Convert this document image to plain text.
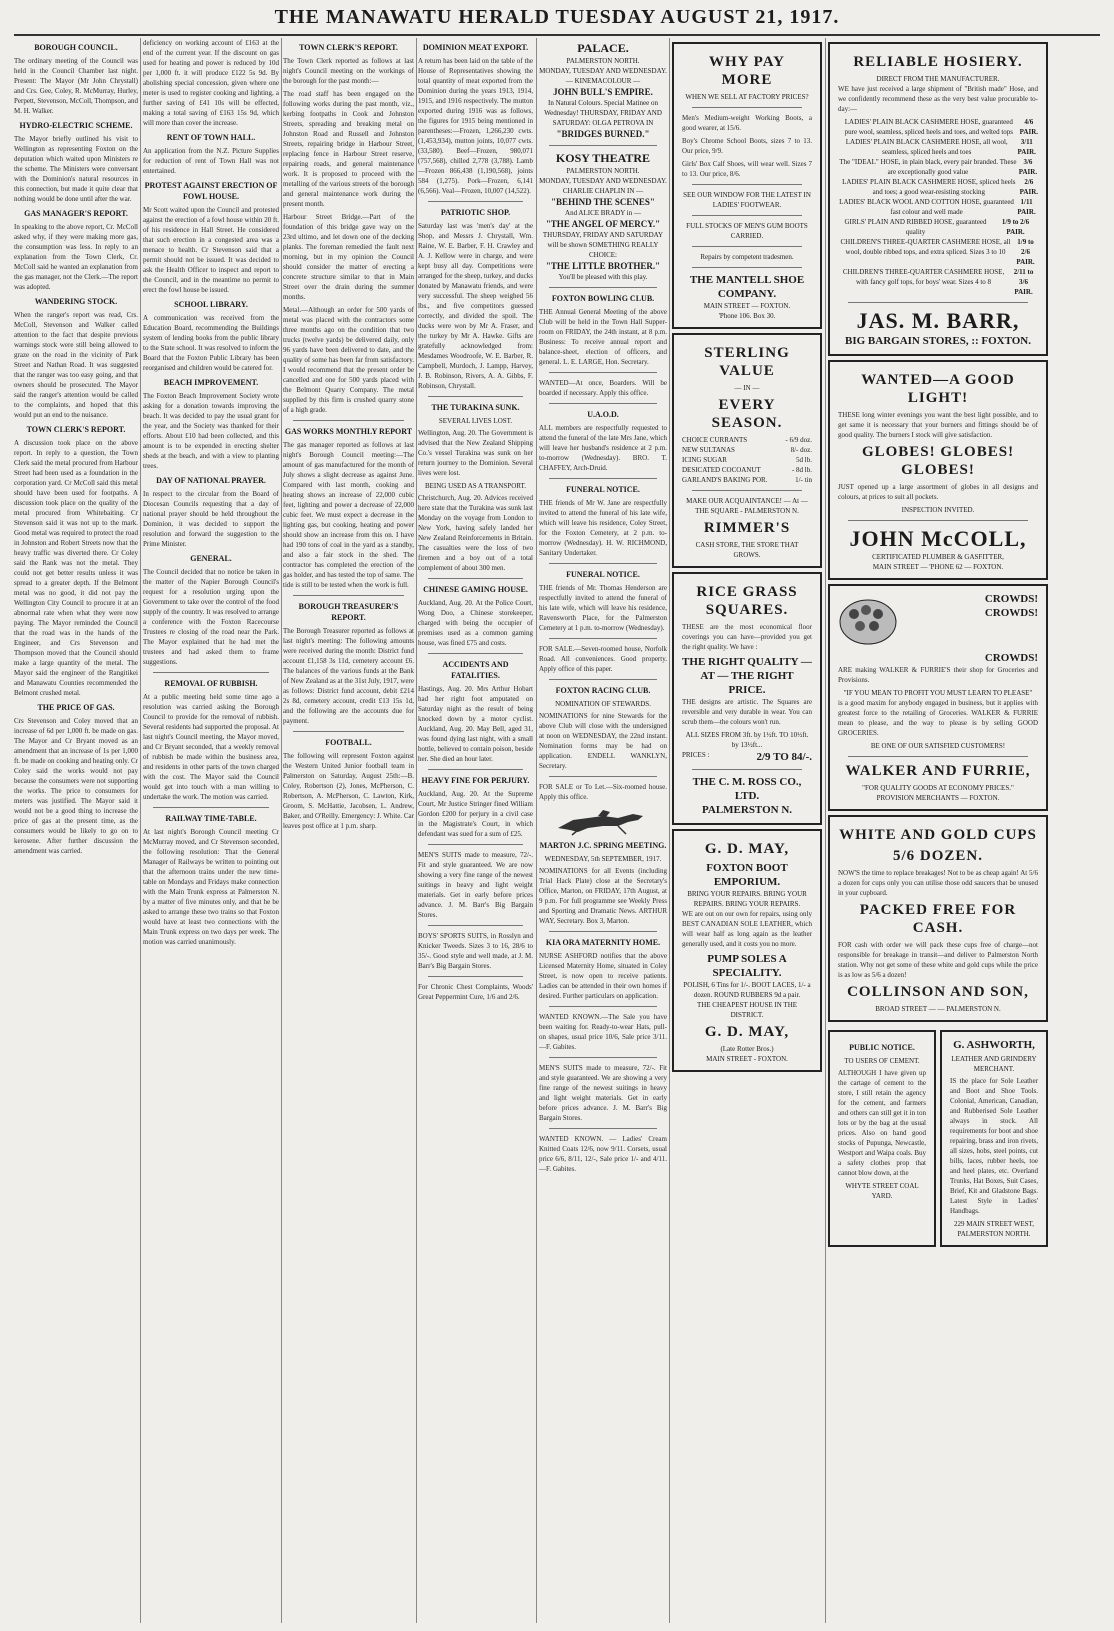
THE MANAWATU HERALD TUESDAY AUGUST 21, 1917.
BOROUGH COUNCIL.

The ordinary meeting of the Council was held in the Council Chamber last night. Present: The Mayor (Mr John Chrystall) and Crs. Gee, Coley, R. McMurray, Hurley, Perpett, Stevenson, McColl, Thompson, and M. H. Walker.

HYDRO-ELECTRIC SCHEME.

The Mayor briefly outlined his visit to Wellington as representing Foxton on the deputation which waited upon Ministers re the scheme. The Ministers were conversant with the Dominion's natural resources in this connection, but made it quite clear that nothing would be done until after the war.

GAS MANAGER'S REPORT.

In speaking to the above report, Cr. McColl asked why, if they were making more gas, the consumption was less. In reply to an explanation from the Town Clerk, Cr. McColl said he wanted an explanation from the gas manager, not the Clerk.—The report was adopted.

WANDERING STOCK.

When the ranger's report was read, Crs. McColl, Stevenson and Walker called attention to the fact that despite previous warnings stock were still being allowed to graze on the road in the vicinity of Park Street and Nathan Road. It was suggested that the ranger was too easy going, and that owners should be prosecuted. The Mayor said the ranger's attention would be called to the complaints, and hoped that this would put an end to the nuisance.

TOWN CLERK'S REPORT.

A discussion took place on the above report. In reply to a question, the Town Clerk said the metal procured from Harbour Street had been used as a foundation in the corporation yard. Cr McColl said this metal should have been used for footpaths. A discussion took place on the quality of the metal procured from Whitebaiting. Cr Stevenson said it was not up to the mark. Good metal was required to protect the road in Johnston and Robert Streets now that the heavy traffic was diverted there. Cr Coley said the Rank was not the metal. They could not get better results unless it was spread to a greater depth. If the Belmont metal was no good, it did not pay the Wellington City Council to procure it at an abnormal rate when what they were now paying. The Mayor reminded the Council that the road was in the hands of the Engineer, and Crs Stevenson and Thompson moved that the Council should make a large quantity of the metal. The Mayor said the engineer of the Rangitikei and Manawatu Counties recommended the Belmont crushed metal.

THE PRICE OF GAS.

Crs Stevenson and Coley moved that an increase of 6d per 1,000 ft. be made on gas. The Mayor and Cr Bryant moved as an amendment that an increase of 1s per 1,000 ft. be made on cooking and heating only. Cr Coley said the works would not pay because the consumers were not supporting the works. The price to consumers for meters was justified. The Mayor said it would not be a good thing to increase the price of gas at the present time, as the consumers would be likely to go on to kerosene. After further discussion the amendment was carried.

deficiency on working account of £163 at the end of the current year. If the discount on gas used for heating and power is reduced by 10d per 1,000 ft. it will produce £122 5s 9d. By abolishing special concession, given where one meter is used to register cooking and lighting, a further saving of £41 10s will be effected, making a total saving of £163 15s 9d, which will more than cover the increase.

RENT OF TOWN HALL.

An application from the N.Z. Picture Supplies for reduction of rent of Town Hall was not entertained.

PROTEST AGAINST ERECTION OF FOWL HOUSE.

Mr Scott waited upon the Council and protested against the erection of a fowl house within 20 ft. of his residence in Hall Street. He considered that such erection in a congested area was a menace to health. Cr Stevenson said that a permit should not be issued. It was decided to ask the Health Officer to inspect and report to the Council, and in the meantime no permit to erect the fowl house be issued.

SCHOOL LIBRARY.

A communication was received from the Education Board, recommending the Buildings system of lending books from the public library to the State school. It was resolved to inform the Board that the Foxton Public Library has been reorganised and children would be catered for.

BEACH IMPROVEMENT.

The Foxton Beach Improvement Society wrote asking for a donation towards improving the beach. It was decided to pay the usual grant for the year, and the Society was thanked for their efforts. About £10 had been collected, and this amount is to be expended in erecting shelter sheds at the beach, and with a view to planting trees.

DAY OF NATIONAL PRAYER.

In respect to the circular from the Board of Diocesan Councils requesting that a day of national prayer should be held throughout the Dominion, it was decided to support the resolution and forward the suggestion to the Prime Minister.

GENERAL.

The Council decided that no notice be taken in the matter of the Napier Borough Council's request for a resolution urging upon the Government to take over the control of the food supply of the country. It was resolved to arrange a conference with the Foxton Racecourse Trustees re closing of the road near the Park. The Mayor explained that he had met the trustees and had asked them to frame suggestions.

REMOVAL OF RUBBISH.

At a public meeting held some time ago a resolution was carried asking the Borough Council to provide for the removal of rubbish. Several residents had supported the proposal. At last night's Council meeting, the Mayor moved, and Cr Bryant seconded, that a weekly removal of rubbish be made within the business area, and residents in other parts of the town charged with the cost. The Mayor said the Council would get into touch with a man willing to undertake the work. The motion was carried.

RAILWAY TIME-TABLE.

At last night's Borough Council meeting Cr McMurray moved, and Cr Stevenson seconded, the following resolution: That the General Manager of Railways be written to pointing out that the afternoon trains under the new time-table on Mondays and Fridays make connection with the Main Trunk express at Palmerston N. by a matter of five minutes only, and that he be asked to arrange these two trains so that Foxton would have at least two connections with the Main Trunk express on two days per week. The motion was carried unanimously.

TOWN CLERK'S REPORT.

The Town Clerk reported as follows at last night's Council meeting on the workings of the borough for the past month:—

The road staff has been engaged on the following works during the past month, viz., kerbing footpaths in Cook and Johnston Streets, spreading and breaking metal on Johnston Road and Russell and Johnston Streets, repairing bridge in Harbour Street, replacing fence in Harbour Street reserve, repairing roads, and general maintenance work. It is proposed to proceed with the metalling of the various streets of the borough and general maintenance work during the present month.

Harbour Street Bridge.—Part of the foundation of this bridge gave way on the 23rd ultimo, and let down one of the decking planks. The foreman remedied the fault next morning, but in my opinion the Council should consider the matter of erecting a concrete structure similar to that in Main Street over the drain during the summer months.

Metal.—Although an order for 500 yards of metal was placed with the contractors some three months ago on the condition that two trucks (twelve yards) be delivered daily, only 96 yards have been delivered to date, and the quality of some has been far from satisfactory. I would recommend that the present order be cancelled and one for 500 yards placed with the Belmont Quarry Company. The metal supplied by this firm is crushed quarry stone of a high grade.

GAS WORKS MONTHLY REPORT

The gas manager reported as follows at last night's Borough Council meeting:—The amount of gas manufactured for the month of July shows a slight decrease as against June. Compared with last month, cooking and heating shows an increase of 22,000 cubic feet, lighting and power a decrease of 22,000 cubic feet. We must expect a decrease in the lighting gas, but cooking, heating and power should show an increase from this on. I have had 190 tons of coal in the yard as a standby, and also a fair stock in the shed. The contractor has completed the erection of the gas holder, and has tested the top of same. The tide is still to be tested when the work is full.

BOROUGH TREASURER'S REPORT.

The Borough Treasurer reported as follows at last night's meeting: The following amounts were received during the month: District fund account £1,158 3s 11d, cemetery account £6. The balances of the various funds at the Bank of New Zealand as at the 31st July, 1917, were as follows: District fund account, debit £214 2s 8d, cemetery account, credit £13 15s 1d, and the following are the accounts due for payment.

FOOTBALL.

The following will represent Foxton against the Western United Junior football team in Palmerston on Saturday, August 25th:—B. Coley, Robertson (2), Jones, McPherson, C. Robertson, A. McPherson, C. Lawton, Kirk, Groom, S. McHattie, Jacobsen, L. Andrew, Baker, and O'Reilly. Emergency: J. White. Car leaves post office at 1 p.m. sharp.

DOMINION MEAT EXPORT.

A return has been laid on the table of the House of Representatives showing the total quantity of meat exported from the Dominion during the years 1913, 1914, 1915, and 1916 respectively. The mutton exported during 1916 was as follows, the figures for 1915 being mentioned in parentheses:—Frozen, 1,266,230 cwts. (1,453,934), mutton joints, 10,077 cwts. (33,580). Beef—Frozen, 980,071 (757,568), chilled 2,778 (3,788). Lamb—Frozen 866,438 (1,190,568), joints 584 (1,275). Pork—Frozen, 6,141 (6,566). Veal—Frozen, 10,007 (14,522).

PATRIOTIC SHOP.

Saturday last was 'men's day' at the Shop, and Messrs J. Chrystall, Wm. Raine, W. E. Barber, F. H. Crawley and A. J. Kellow were in charge, and were kept busy all day. Competitions were arranged for the sheep, turkey, and ducks donated by Manawatu friends, and were very successful. The sheep weighed 56 lbs., and five competitors guessed correctly, and divided the spoil. The ducks were won by Mr A. Fraser, and the turkey by Mr A. Hawke. Gifts are gratefully acknowledged from: Mesdames Woodroofe, W. E. Barber, R. Campbell, Murdoch, J. Lampp, Harvey, J. B. Robinson, Rivers, A. A. Gibbs, F. Robinson, Chrystall.

THE TURAKINA SUNK.
SEVERAL LIVES LOST.

Wellington, Aug. 20. The Government is advised that the New Zealand Shipping Co.'s vessel Turakina was sunk on her return journey to the Dominion. Several lives were lost.

BEING USED AS A TRANSPORT.

Christchurch, Aug. 20. Advices received here state that the Turakina was sunk last Monday on the voyage from London to New York, having safely landed her New Zealand Reinforcements in Britain. The casualties were the loss of two firemen and a boy out of a total complement of about 300 men.

CHINESE GAMING HOUSE.

Auckland, Aug. 20. At the Police Court, Wong Doo, a Chinese storekeeper, charged with being the occupier of premises used as a common gaming house, was fined £75 and costs.

ACCIDENTS AND FATALITIES.

Hastings, Aug. 20. Mrs Arthur Hobart had her right foot amputated on Saturday night as the result of being knocked down by a motor cyclist. Auckland, Aug. 20. May Bell, aged 31, was found dying last night, with a small bottle, believed to contain poison, beside her. She died an hour later.

HEAVY FINE FOR PERJURY.

Auckland, Aug. 20. At the Supreme Court, Mr Justice Stringer fined William Gordon £200 for perjury in a civil case in the Magistrate's Court, in which defendant was sued for a sum of £25.

MEN'S SUITS made to measure, 72/-. Fit and style guaranteed. We are now showing a very fine range of the newest suitings in heavy and light weight materials. Get in early before prices advance. J. M. Barr's Big Bargain Stores.

BOYS' SPORTS SUITS, in Rosslyn and Knicker Tweeds. Sizes 3 to 16, 28/6 to 35/-. Good style and well made, at J. M. Barr's Big Bargain Stores.

For Chronic Chest Complaints, Woods' Great Peppermint Cure, 1/6 and 2/6.

PALACE.
PALMERSTON NORTH.
MONDAY, TUESDAY AND WEDNESDAY.
— KINEMACOLOUR —
JOHN BULL'S EMPIRE.
In Natural Colours. Special Matinee on Wednesday! THURSDAY, FRIDAY AND SATURDAY: OLGA PETROVA IN
"BRIDGES BURNED."
KOSY THEATRE
PALMERSTON NORTH.
MONDAY, TUESDAY AND WEDNESDAY.
CHARLIE CHAPLIN IN —
"BEHIND THE SCENES"
And ALICE BRADY in —
"THE ANGEL OF MERCY."
THURSDAY, FRIDAY AND SATURDAY will be shown SOMETHING REALLY CHOICE:
"THE LITTLE BROTHER."
You'll be pleased with this play.
FOXTON BOWLING CLUB.

THE Annual General Meeting of the above Club will be held in the Town Hall Supper-room on FRIDAY, the 24th instant, at 8 p.m. Business: To receive annual report and balance-sheet, election of officers, and general. L. E. LARGE, Hon. Secretary.

WANTED—At once, Boarders. Will be boarded if necessary. Apply this office.

U.A.O.D.

ALL members are respectfully requested to attend the funeral of the late Mrs Jane, which will leave her husband's residence at 2 p.m. to-morrow (Wednesday). BRO. T. CHAFFEY, Arch-Druid.

FUNERAL NOTICE.

THE friends of Mr W. Jane are respectfully invited to attend the funeral of his late wife, which will leave his residence, Coley Street, for the Foxton Cemetery, at 2 p.m. to-morrow (Wednesday). H. W. RICHMOND, Sanitary Undertaker.

FUNERAL NOTICE.

THE friends of Mr. Thomas Henderson are respectfully invited to attend the funeral of his late wife, which will leave his residence, Ravensworth Place, for the Palmerston Cemetery at 1 p.m. to-morrow (Wednesday).

FOR SALE.—Seven-roomed house, Norfolk Road. All conveniences. Good property. Apply office of this paper.

FOXTON RACING CLUB.
NOMINATION OF STEWARDS.

NOMINATIONS for nine Stewards for the above Club will close with the undersigned at noon on WEDNESDAY, the 22nd instant. Nomination forms may be had on application. ENDELL WANKLYN, Secretary.

FOR SALE or To Let.—Six-roomed house. Apply this office.

MARTON J.C. SPRING MEETING.
WEDNESDAY, 5th SEPTEMBER, 1917.

NOMINATIONS for all Events (including Trial Hack Plate) close at the Secretary's Office, Marton, on FRIDAY, 17th August, at 9 p.m. For full programme see Weekly Press and Sporting and Dramatic News. ARTHUR WAY, Secretary. Box 3, Marton.

KIA ORA MATERNITY HOME.

NURSE ASHFORD notifies that the above Licensed Maternity Home, situated in Coley Street, is now open to receive patients. Ladies can be attended in their own homes if desired. Further particulars on application.

WANTED KNOWN.—The Sale you have been waiting for. Ready-to-wear Hats, pull-on shapes, usual price 10/6, Sale price 3/11.—F. Gabites.

MEN'S SUITS made to measure, 72/-. Fit and style guaranteed. We are showing a very fine range of the newest suitings in heavy and light weight materials. Get in early before prices advance. J. M. Barr's Big Bargain Stores.

WANTED KNOWN. — Ladies' Cream Knitted Coats 12/6, now 9/11. Corsets, usual price 6/6, 8/11, 12/-, Sale price 1/- and 4/11. —F. Gabites.

WHY PAY MORE
WHEN WE SELL AT FACTORY PRICES?

Men's Medium-weight Working Boots, a good wearer, at 15/6.

Boy's Chrome School Boots, sizes 7 to 13. Our price, 9/9.

Girls' Box Calf Shoes, will wear well. Sizes 7 to 13. Our price, 8/6.

SEE OUR WINDOW FOR THE LATEST IN LADIES' FOOTWEAR.
FULL STOCKS OF MEN'S GUM BOOTS CARRIED.
Repairs by competent tradesmen.
THE MANTELL SHOE COMPANY.
MAIN STREET — FOXTON.
'Phone 106. Box 30.
STERLING VALUE
— IN —
EVERY SEASON.
CHOICE CURRANTS	- 6/9 doz.
NEW SULTANAS	8/- doz.
ICING SUGAR	5d lb.
DESICATED COCOANUT	- 8d lb.
GARLAND'S BAKING POR.	1/- tin
MAKE OUR ACQUAINTANCE! — At — THE SQUARE - PALMERSTON N.
RIMMER'S
CASH STORE, THE STORE THAT GROWS.
RICE GRASS SQUARES.

THESE are the most economical floor coverings you can have—provided you get the right quality. We have :

THE RIGHT QUALITY — AT — THE RIGHT PRICE.

THE designs are artistic. The Squares are reversible and very durable in wear. You can scrub them—the colours won't run.

ALL SIZES FROM 3ft. by 1½ft. TO 10½ft. by 13½ft...
PRICES :	2/9 TO 84/-.
THE C. M. ROSS CO., LTD.
PALMERSTON N.
G. D. MAY,
FOXTON BOOT EMPORIUM.
BRING YOUR REPAIRS. BRING YOUR REPAIRS. BRING YOUR REPAIRS.

WE are out on our own for repairs, using only BEST CANADIAN SOLE LEATHER, which will wear half as long again as the leather generally used, and it costs you no more.

PUMP SOLES A SPECIALITY.
POLISH, 6 Tins for 1/-. BOOT LACES, 1/- a dozen. ROUND RUBBERS 9d a pair.
THE CHEAPEST HOUSE IN THE DISTRICT.
G. D. MAY,
(Late Rotter Bros.)
MAIN STREET - FOXTON.
RELIABLE HOSIERY.
DIRECT FROM THE MANUFACTURER.

WE have just received a large shipment of "British made" Hose, and we confidently recommend these as the very best value procurable to-day:—

LADIES' PLAIN BLACK CASHMERE HOSE, guaranteed pure wool, seamless, spliced heels and toes, and welted tops
4/6 PAIR.
LADIES' PLAIN BLACK CASHMERE HOSE, all wool, seamless, spliced heels and toes
3/11 PAIR.
The "IDEAL" HOSE, in plain black, every pair branded. These are exceptionally good value
3/6 PAIR.
LADIES' PLAIN BLACK CASHMERE HOSE, spliced heels and toes; a good wear-resisting stocking
2/6 PAIR.
LADIES' BLACK WOOL AND COTTON HOSE, guaranteed fast colour and well made
1/11 PAIR.
GIRLS' PLAIN AND RIBBED HOSE, guaranteed quality
1/9 to 2/6 PAIR.
CHILDREN'S THREE-QUARTER CASHMERE HOSE, all wool, double ribbed tops, and extra spliced. Sizes 3 to 10
1/9 to 2/6 PAIR.
CHILDREN'S THREE-QUARTER CASHMERE HOSE, with fancy golf tops, for boys' wear. Sizes 4 to 8
2/11 to 3/6 PAIR.
JAS. M. BARR,
BIG BARGAIN STORES, :: FOXTON.
WANTED—A GOOD LIGHT!

THESE long winter evenings you want the best light possible, and to get same it is necessary that your burners and fittings should be of good quality. The burners I stock will give satisfaction.

GLOBES! GLOBES! GLOBES!

JUST opened up a large assortment of globes in all designs and colours, at prices to suit all pockets.

INSPECTION INVITED.
JOHN McCOLL,
CERTIFICATED PLUMBER & GASFITTER,
MAIN STREET — 'PHONE 62 — FOXTON.
CROWDS!
CROWDS!
CROWDS!

ARE making WALKER & FURRIE'S their shop for Groceries and Provisions.

"IF YOU MEAN TO PROFIT YOU MUST LEARN TO PLEASE"

is a good maxim for anybody engaged in business, but it applies with greatest force to the retailing of Groceries. WALKER & FURRIE mean to please, and the way to please is by selling GOOD GROCERIES.

BE ONE OF OUR SATISFIED CUSTOMERS!
WALKER AND FURRIE,
"FOR QUALITY GOODS AT ECONOMY PRICES."
PROVISION MERCHANTS — FOXTON.
WHITE AND GOLD CUPS
5/6 DOZEN.

NOW'S the time to replace breakages! Not to be as cheap again! At 5/6 a dozen for cups only you can utilise those odd saucers that be unused in your cupboard.

PACKED FREE FOR CASH.

FOR cash with order we will pack these cups free of charge—not responsible for breakage in transit—and deliver to Palmerston North station. Why not get some of these white and gold cups while the price is as low as 5/6 a dozen!

COLLINSON AND SON,
BROAD STREET — — PALMERSTON N.
PUBLIC NOTICE.
TO USERS OF CEMENT.

ALTHOUGH I have given up the cartage of cement to the store, I still retain the agency for the cement, and farmers and others can still get it in ton lots or by the bag at the usual prices. Also on hand good stocks of Pupunga, Newcastle, Westport and Waipa coals. Buy a safety clothes prop that cannot blow down, at the

WHYTE STREET COAL YARD.
G. ASHWORTH,
LEATHER AND GRINDERY MERCHANT.

IS the place for Sole Leather and Boot and Shoe Tools. Colonial, American, Canadian, and Rubberised Sole Leather always in stock. All requirements for boot and shoe repairing, brass and iron rivets, all sizes, hobs, steel points, cut bills, laces, rubber heels, toe and heel plates, etc. Overland Trunks, Hat Boxes, Suit Cases, Brief, Kit and Gladstone Bags. Latest Style in Ladies' Handbags.

229 MAIN STREET WEST, PALMERSTON NORTH.
